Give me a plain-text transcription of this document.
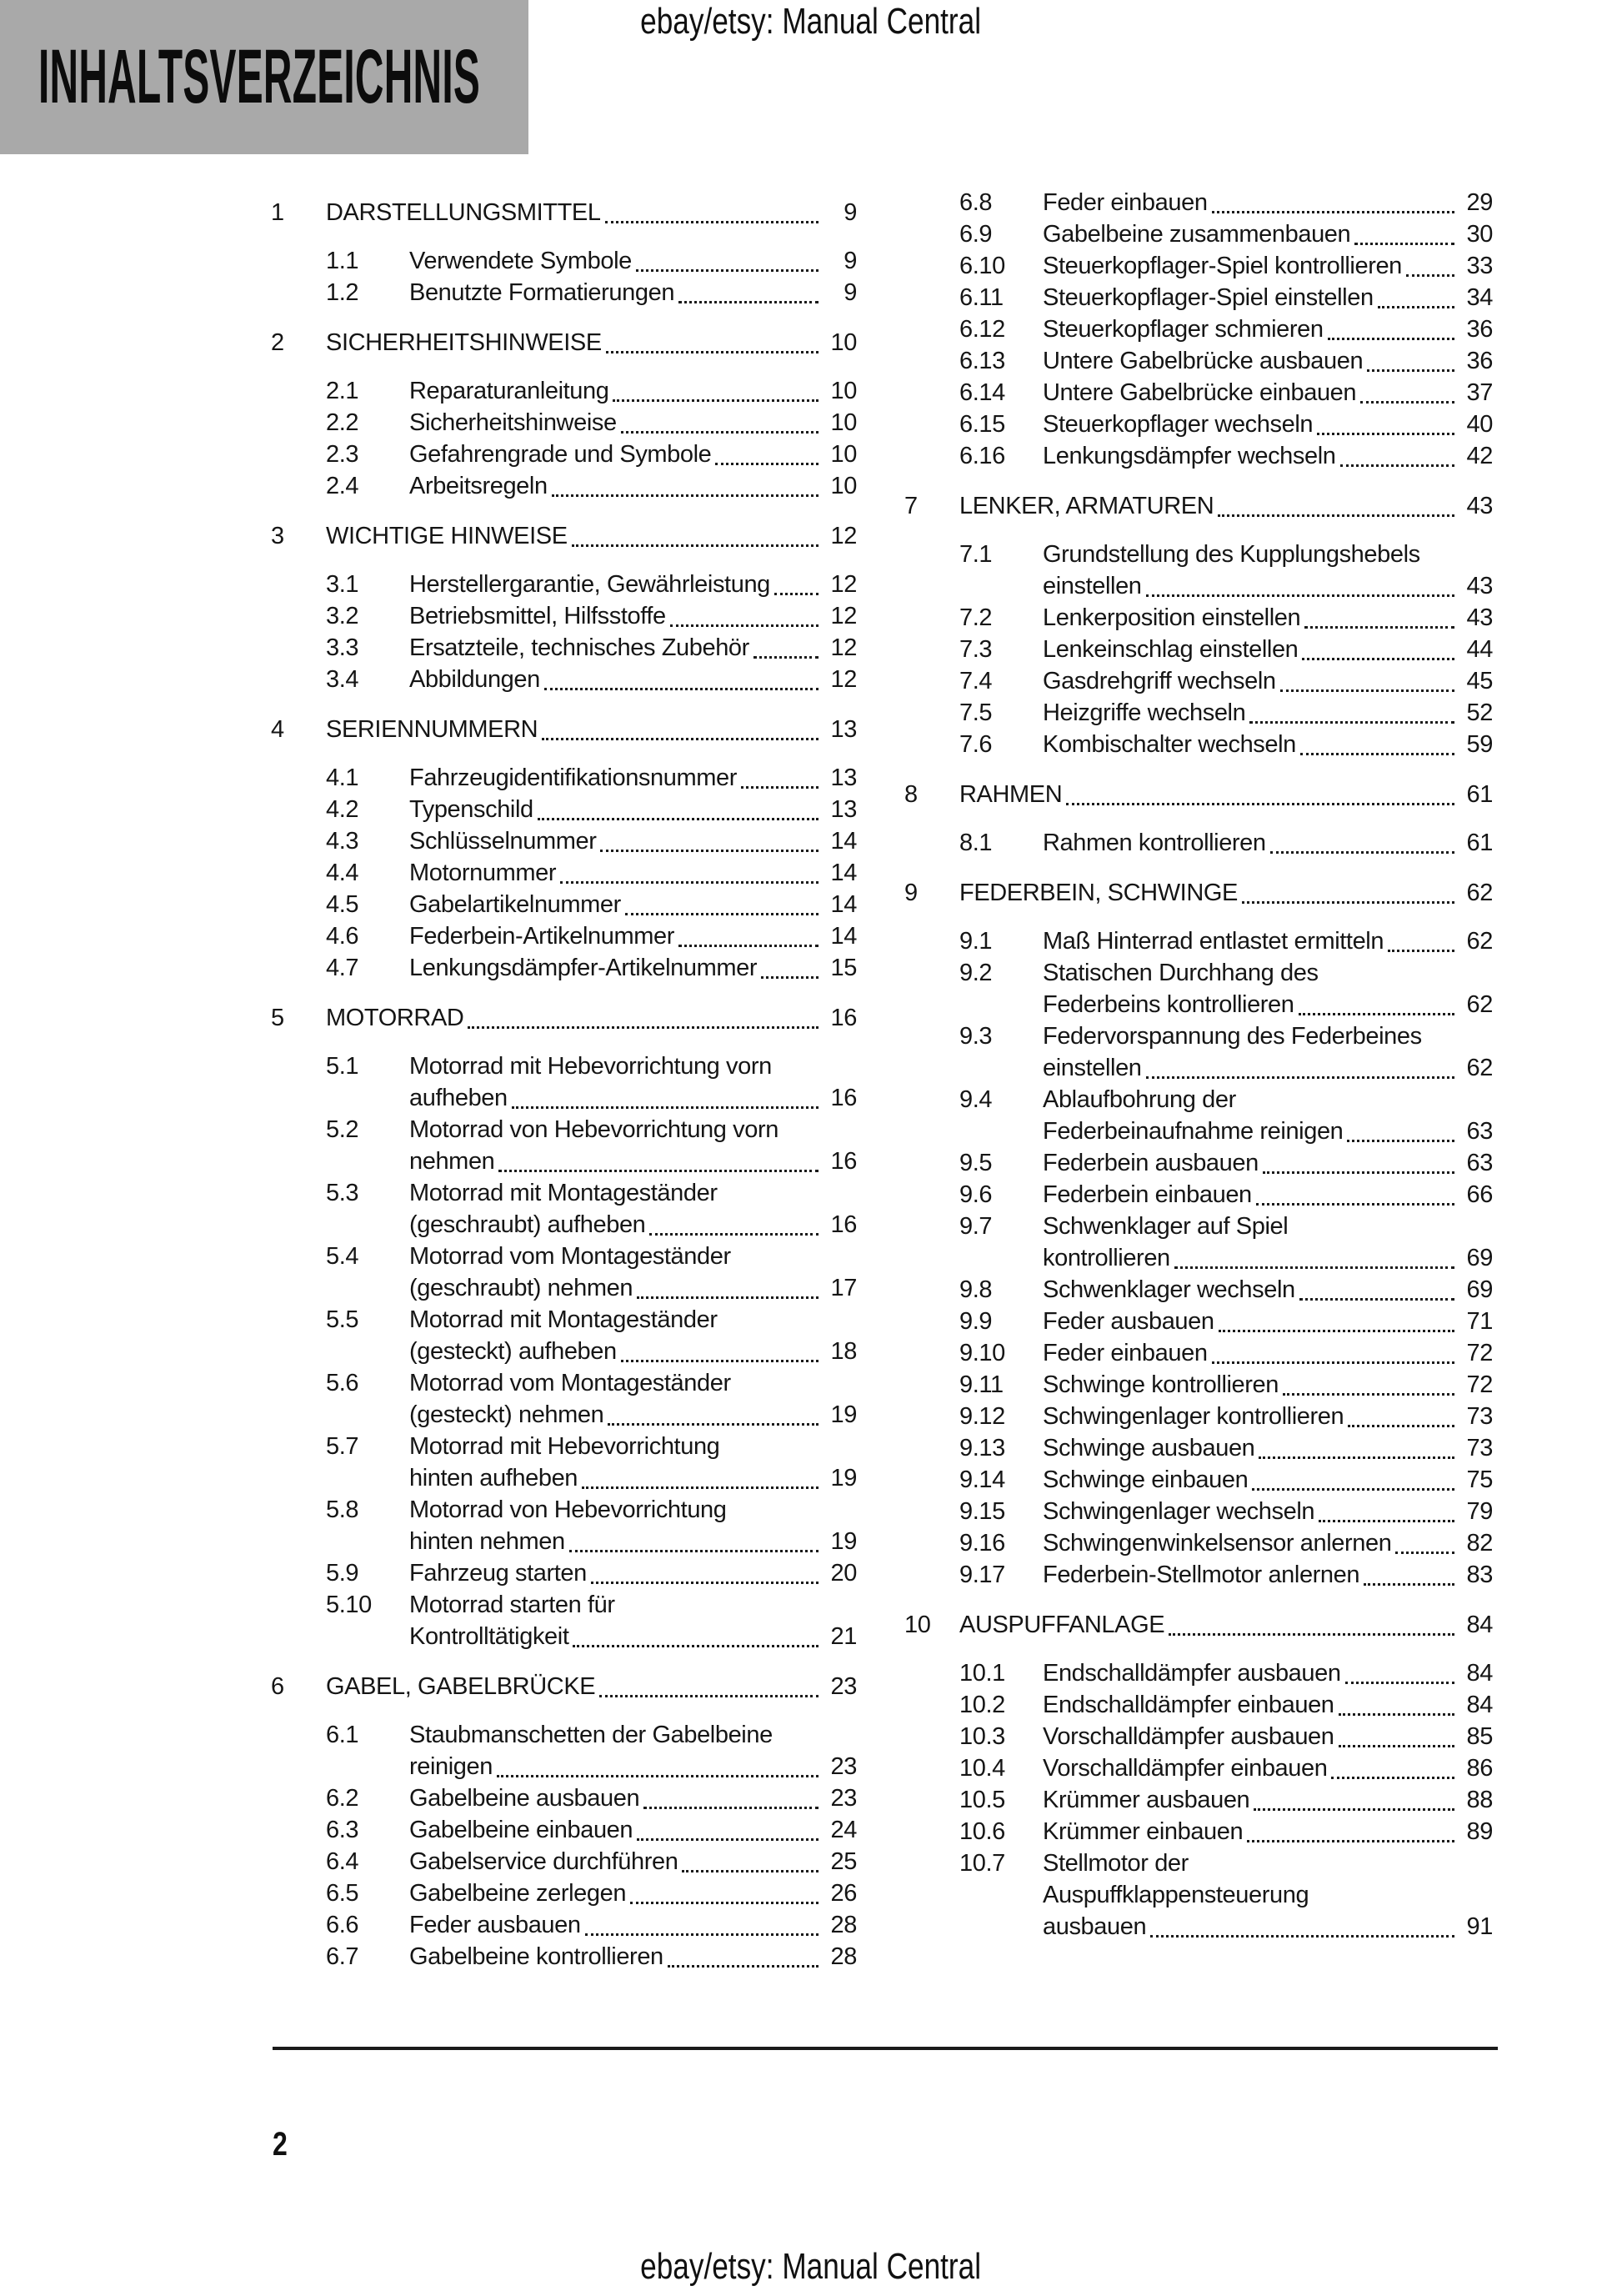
ebay/etsy: Manual Central
INHALTSVERZEICHNIS
1	DARSTELLUNGSMITTEL	9
1.1	Verwendete Symbole	9
1.2	Benutzte Formatierungen	9
2	SICHERHEITSHINWEISE	10
2.1	Reparaturanleitung	10
2.2	Sicherheitshinweise	10
2.3	Gefahrengrade und Symbole	10
2.4	Arbeitsregeln	10
3	WICHTIGE HINWEISE	12
3.1	Herstellergarantie, Gewährleistung	12
3.2	Betriebsmittel, Hilfsstoffe	12
3.3	Ersatzteile, technisches Zubehör	12
3.4	Abbildungen	12
4	SERIENNUMMERN	13
4.1	Fahrzeugidentifikationsnummer	13
4.2	Typenschild	13
4.3	Schlüsselnummer	14
4.4	Motornummer	14
4.5	Gabelartikelnummer	14
4.6	Federbein-Artikelnummer	14
4.7	Lenkungsdämpfer-Artikelnummer	15
5	MOTORRAD	16
5.1	Motorrad mit Hebevorrichtung vorn
aufheben	16
5.2	Motorrad von Hebevorrichtung vorn
nehmen	16
5.3	Motorrad mit Montageständer
(geschraubt) aufheben	16
5.4	Motorrad vom Montageständer
(geschraubt) nehmen	17
5.5	Motorrad mit Montageständer
(gesteckt) aufheben	18
5.6	Motorrad vom Montageständer
(gesteckt) nehmen	19
5.7	Motorrad mit Hebevorrichtung
hinten aufheben	19
5.8	Motorrad von Hebevorrichtung
hinten nehmen	19
5.9	Fahrzeug starten	20
5.10	Motorrad starten für
Kontrolltätigkeit	21
6	GABEL, GABELBRÜCKE	23
6.1	Staubmanschetten der Gabelbeine
reinigen	23
6.2	Gabelbeine ausbauen	23
6.3	Gabelbeine einbauen	24
6.4	Gabelservice durchführen	25
6.5	Gabelbeine zerlegen	26
6.6	Feder ausbauen	28
6.7	Gabelbeine kontrollieren	28
6.8	Feder einbauen	29
6.9	Gabelbeine zusammenbauen	30
6.10	Steuerkopflager-Spiel kontrollieren	33
6.11	Steuerkopflager-Spiel einstellen	34
6.12	Steuerkopflager schmieren	36
6.13	Untere Gabelbrücke ausbauen	36
6.14	Untere Gabelbrücke einbauen	37
6.15	Steuerkopflager wechseln	40
6.16	Lenkungsdämpfer wechseln	42
7	LENKER, ARMATUREN	43
7.1	Grundstellung des Kupplungshebels
einstellen	43
7.2	Lenkerposition einstellen	43
7.3	Lenkeinschlag einstellen	44
7.4	Gasdrehgriff wechseln	45
7.5	Heizgriffe wechseln	52
7.6	Kombischalter wechseln	59
8	RAHMEN	61
8.1	Rahmen kontrollieren	61
9	FEDERBEIN, SCHWINGE	62
9.1	Maß Hinterrad entlastet ermitteln	62
9.2	Statischen Durchhang des
Federbeins kontrollieren	62
9.3	Federvorspannung des Federbeines
einstellen	62
9.4	Ablaufbohrung der
Federbeinaufnahme reinigen	63
9.5	Federbein ausbauen	63
9.6	Federbein einbauen	66
9.7	Schwenklager auf Spiel
kontrollieren	69
9.8	Schwenklager wechseln	69
9.9	Feder ausbauen	71
9.10	Feder einbauen	72
9.11	Schwinge kontrollieren	72
9.12	Schwingenlager kontrollieren	73
9.13	Schwinge ausbauen	73
9.14	Schwinge einbauen	75
9.15	Schwingenlager wechseln	79
9.16	Schwingenwinkelsensor anlernen	82
9.17	Federbein-Stellmotor anlernen	83
10	AUSPUFFANLAGE	84
10.1	Endschalldämpfer ausbauen	84
10.2	Endschalldämpfer einbauen	84
10.3	Vorschalldämpfer ausbauen	85
10.4	Vorschalldämpfer einbauen	86
10.5	Krümmer ausbauen	88
10.6	Krümmer einbauen	89
10.7	Stellmotor der
Auspuffklappensteuerung
ausbauen	91
2
ebay/etsy: Manual Central
